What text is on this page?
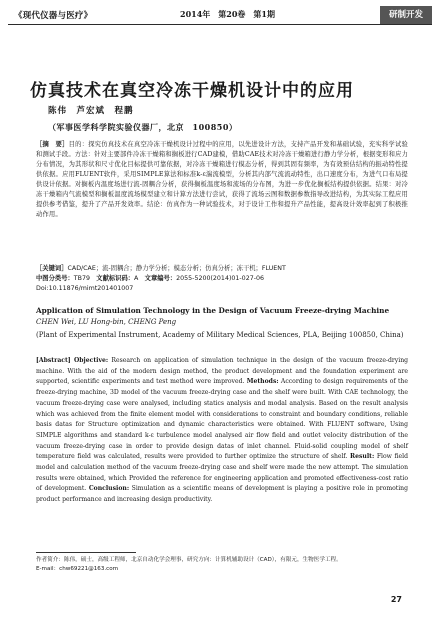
《现代仪器与医疗》	2014年　第20卷　第1期	研制开发
仿真技术在真空冷冻干燥机设计中的应用
陈伟　芦宏斌　程鹏
（军事医学科学院实验仪器厂，北京　100850）
［摘　要］目的：探究仿真技术在真空冷冻干燥机设计过程中的应用，以先进设计方法，支持产品开发和基础试验，充实科学试验和测试手段。方法：针对主要部件冷冻干燥箱和搁板进行CAD建模，借助CAE技术对冷冻干燥箱进行静力学分析，根据变形和应力分布情况，为其形状和尺寸优化目标提供可靠依据，对冷冻干燥箱进行模态分析，得到其固有频率，为有效预估结构的振动特性提供依据。应用FLUENT软件，采用SIMPLE算法和标准k-ε湍流模型，分析其内部气流流动特性，出口速度分布，为进气口布局提供设计依据。对搁板内温度场进行流-固耦合分析，获得搁板温度场和流场的分布图，为进一步优化搁板结构提供依据。结果：对冷冻干燥箱内气流模型和搁板温度流场模型建立和计算方法进行尝试，获得了流场云图和数据参数指导改进结构，为其实际工程应用提供参考借鉴，提升了产品开发效率。结论：仿真作为一种试验技术，对于设计工作和提升产品性能，提高设计效率起到了积极推动作用。
［关键词］CAD/CAE；流-固耦合；静力学分析；模态分析；仿真分析；冻干机；FLUENT
中图分类号：TB79　 文献标识码：A　 文章编号：2055-5200(2014)01-027-06
Doi:10.11876/mimt201401007
Application of Simulation Technology in the Design of Vacuum Freeze-drying Machine
CHEN Wei, LU Hong-bin, CHENG Peng
(Plant of Experimental Instrument, Academy of Military Medical Sciences, PLA, Beijing 100850, China)
[Abstract] Objective: Research on application of simulation technique in the design of the vacuum freeze-drying machine. With the aid of the modern design method, the product development and the foundation experiment are supported, scientific experiments and test method were improved. Methods: According to design requirements of the freeze-drying machine, 3D model of the vacuum freeze-drying case and the shelf were built. With CAE technology, the vacuum freeze-drying case were analysed, including statics analysis and modal analysis. Based on the result analysis which was achieved from the finite element model with considerations to constraint and boundary conditions, reliable basis datas for Structure optimization and dynamic characteristics were obtained. With FLUENT software, Using SIMPLE algorithms and standard k-ε turbulence model analysed air flow field and outlet velocity distribution of the vacuum freeze-drying case in order to provide design datas of inlet channel. Fluid-solid coupling model of shelf temperature field was calculated, results were provided to further optimize the structure of shelf. Result: Flow field model and calculation method of the vacuum freeze-drying case and shelf were made the new attempt. The simulation results were obtained, which Provided the reference for engineering application and promoted effectiveness-cost ratio of development. Conclusion: Simulation as a scientific means of development is playing a positive role in promoting product performance and increasing design productivity.
作者简介：陈伟，硕士，高级工程师，北京自动化学会理事，研究方向：计算机辅助设计（CAD），有限元，生物医学工程。
E-mail：chw69221@163.com
27
